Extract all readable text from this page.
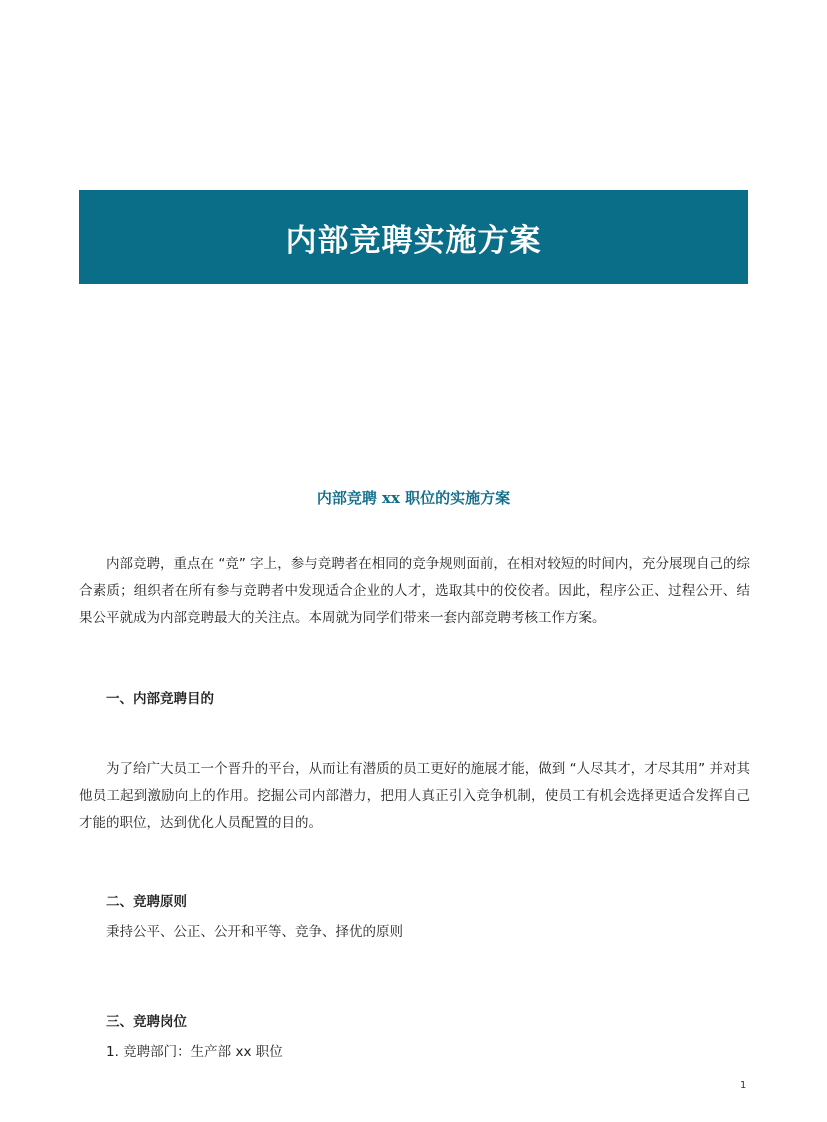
内部竞聘实施方案
内部竞聘 xx 职位的实施方案

内部竞聘，重点在 “竞” 字上，参与竞聘者在相同的竞争规则面前，在相对较短的时间内，充分展现自己的综合素质；组织者在所有参与竞聘者中发现适合企业的人才，选取其中的佼佼者。因此，程序公正、过程公开、结果公平就成为内部竞聘最大的关注点。本周就为同学们带来一套内部竞聘考核工作方案。

一、内部竞聘目的

为了给广大员工一个晋升的平台，从而让有潜质的员工更好的施展才能，做到 “人尽其才，才尽其用” 并对其他员工起到激励向上的作用。挖掘公司内部潜力，把用人真正引入竞争机制，使员工有机会选择更适合发挥自己才能的职位，达到优化人员配置的目的。

二、竞聘原则
秉持公平、公正、公开和平等、竞争、择优的原则
三、竞聘岗位
1. 竞聘部门：生产部 xx 职位
1
